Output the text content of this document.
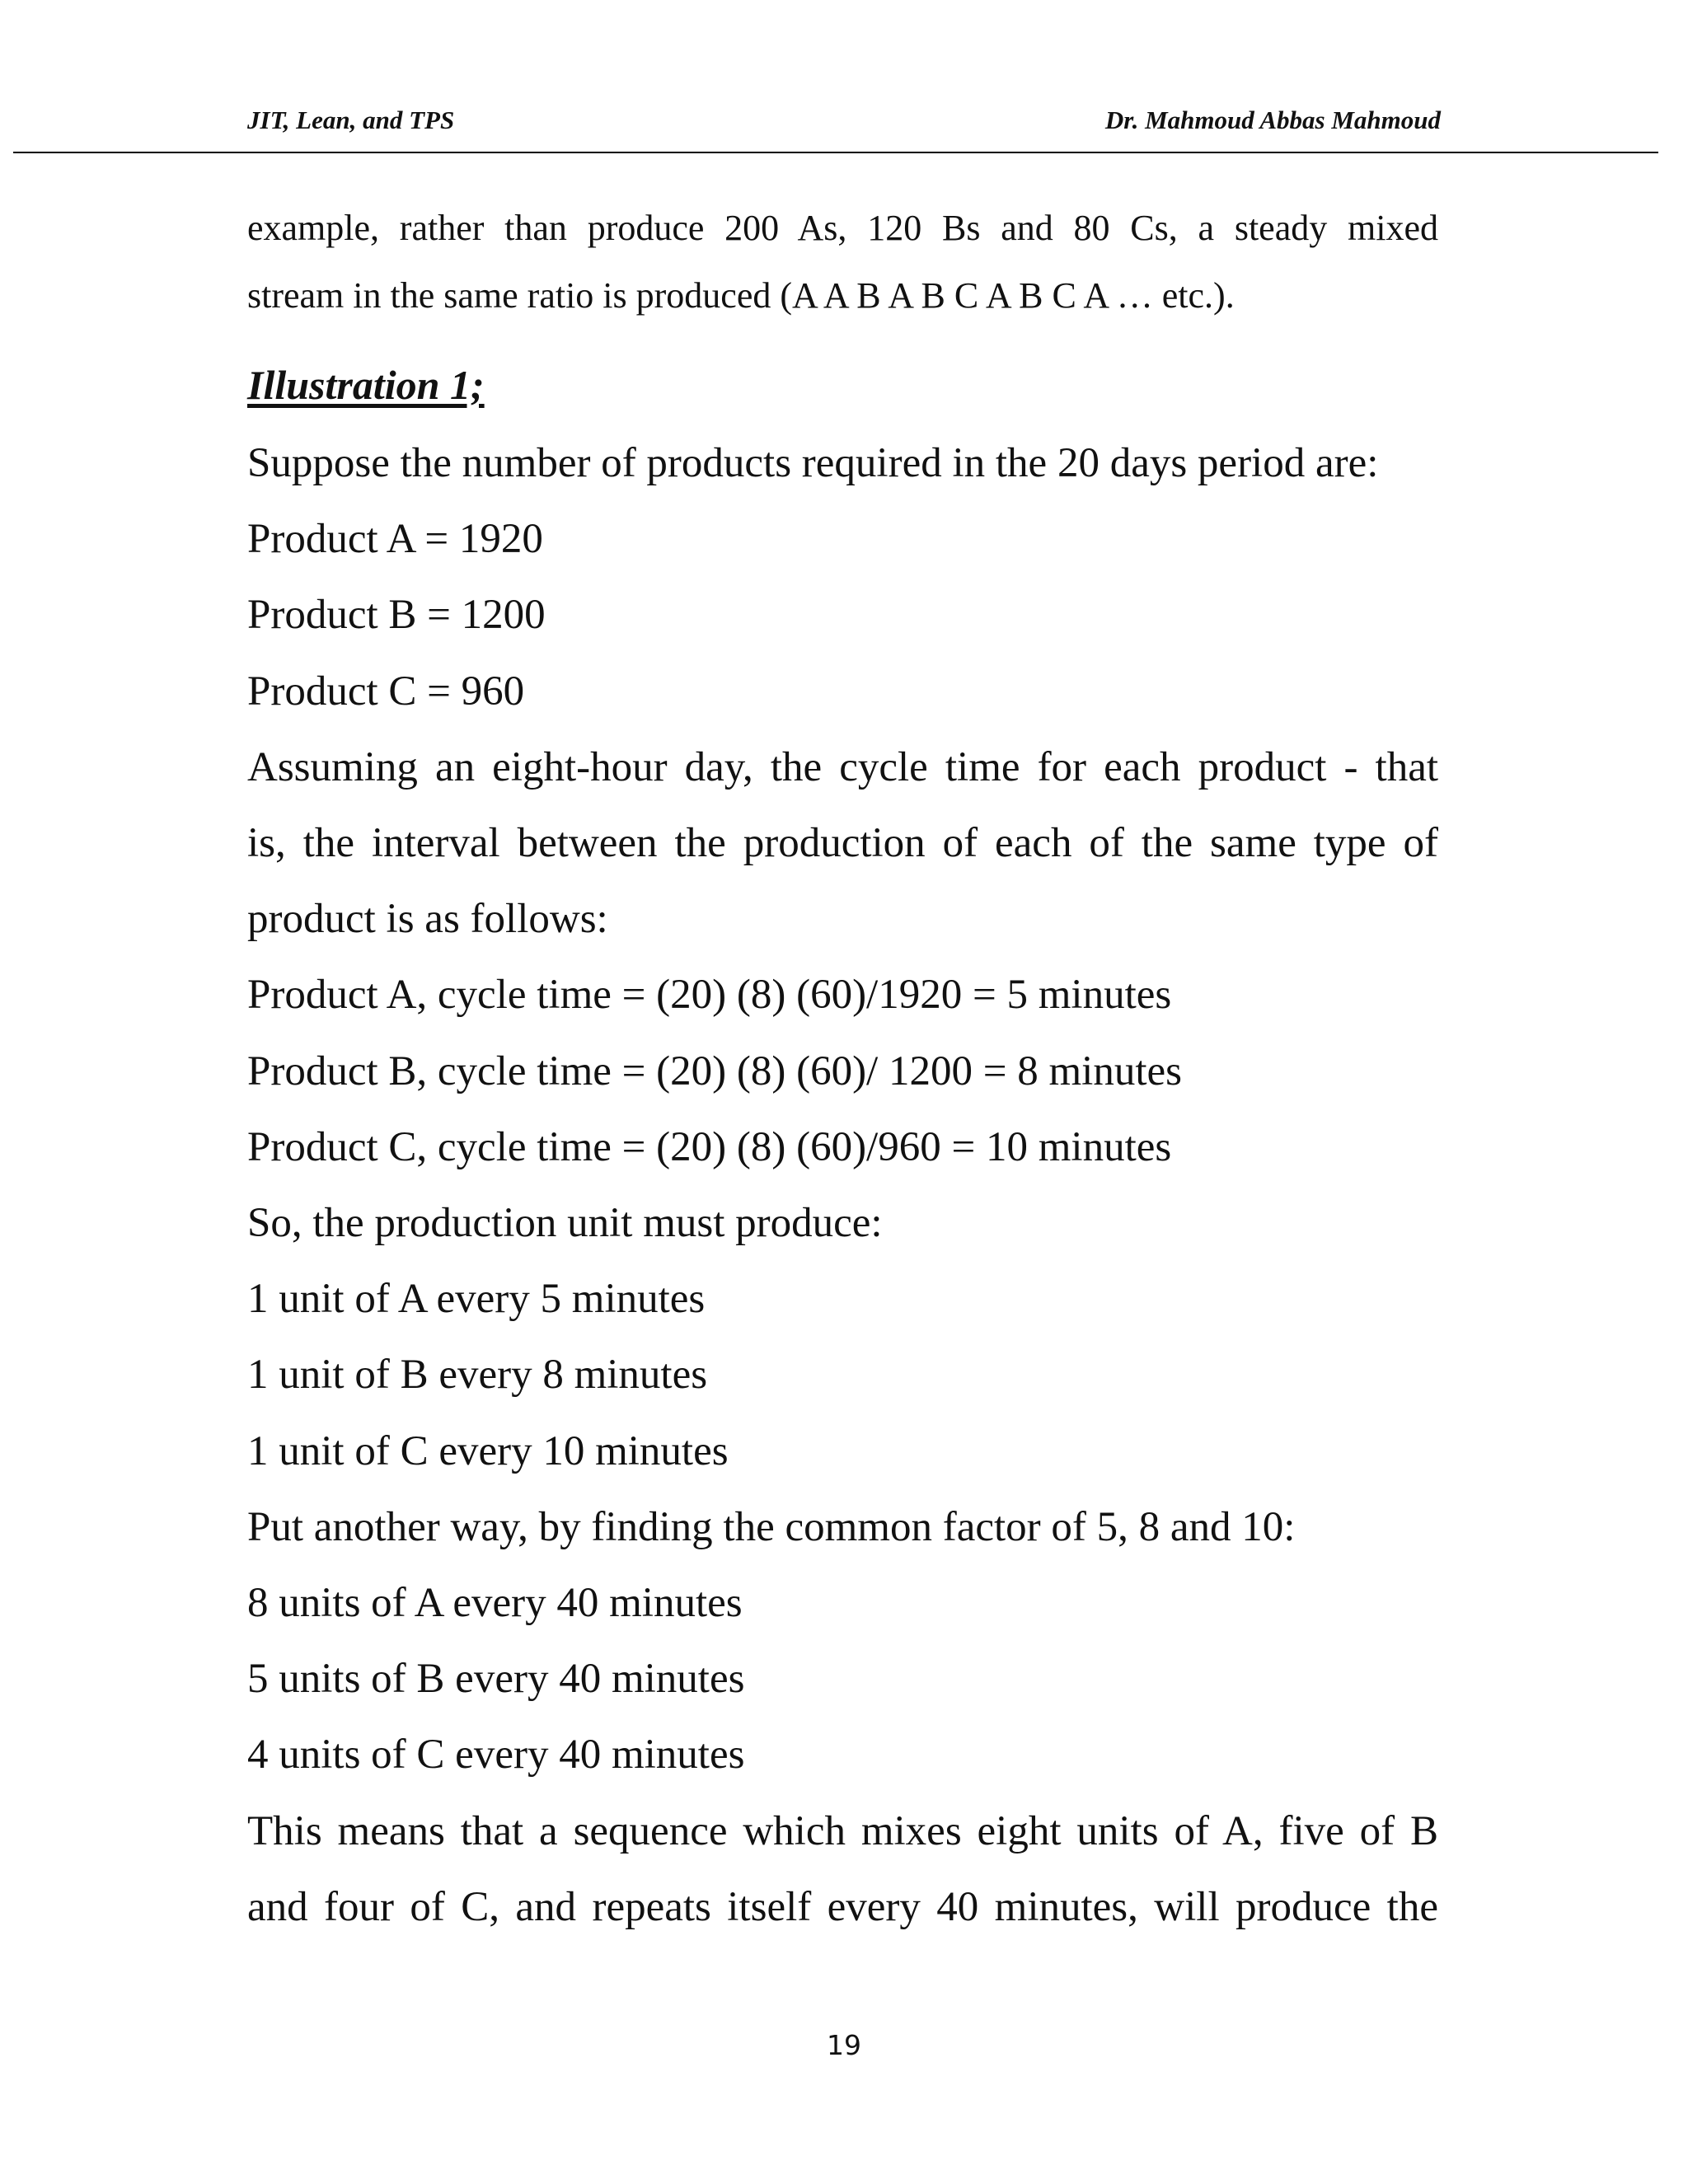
JIT, Lean, and TPS	Dr. Mahmoud Abbas Mahmoud

example, rather than produce 200 As, 120 Bs and 80 Cs, a steady mixed

stream in the same ratio is produced (A A B A B C A B C A … etc.).

Illustration 1;
Suppose the number of products required in the 20 days period are:
Product A = 1920
Product B = 1200
Product C = 960

Assuming an eight-hour day, the cycle time for each product - that

is, the interval between the production of each of the same type of

product is as follows:

Product A, cycle time = (20) (8) (60)/1920 = 5 minutes
Product B, cycle time = (20) (8) (60)/ 1200 = 8 minutes
Product C, cycle time = (20) (8) (60)/960 = 10 minutes
So, the production unit must produce:
1 unit of A every 5 minutes
1 unit of B every 8 minutes
1 unit of C every 10 minutes
Put another way, by finding the common factor of 5, 8 and 10:
8 units of A every 40 minutes
5 units of B every 40 minutes
4 units of C every 40 minutes

This means that a sequence which mixes eight units of A, five of B

and four of C, and repeats itself every 40 minutes, will produce the

19
